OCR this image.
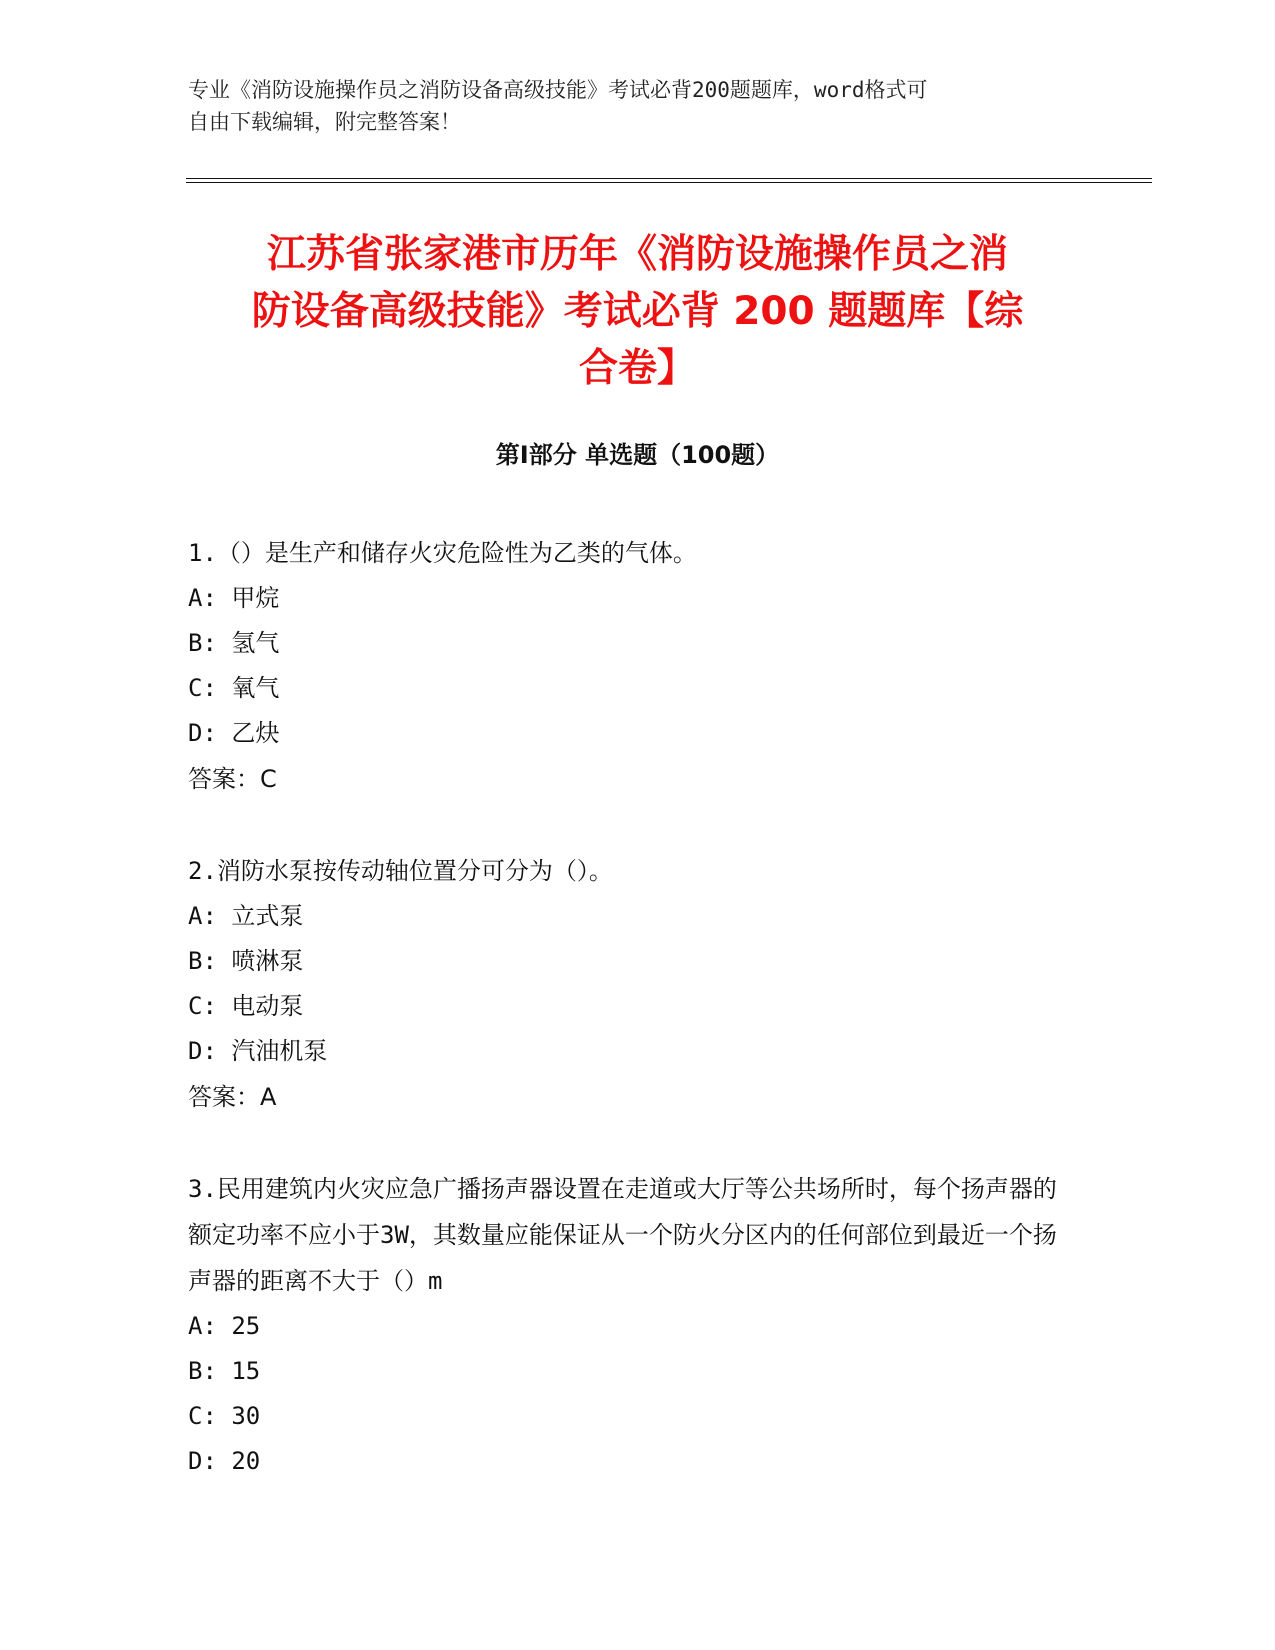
专业《消防设施操作员之消防设备高级技能》考试必背200题题库，word格式可
自由下载编辑，附完整答案！
江苏省张家港市历年《消防设施操作员之消
防设备高级技能》考试必背 200 题题库【综
合卷】
第Ⅰ部分 单选题（100题）

1.（）是生产和储存火灾危险性为乙类的气体。

A: 甲烷

B: 氢气

C: 氧气

D: 乙炔

答案：C

2.消防水泵按传动轴位置分可分为（）。

A: 立式泵

B: 喷淋泵

C: 电动泵

D: 汽油机泵

答案：A

3.民用建筑内火灾应急广播扬声器设置在走道或大厅等公共场所时，每个扬声器的额定功率不应小于3W，其数量应能保证从一个防火分区内的任何部位到最近一个扬声器的距离不大于（）m

A: 25

B: 15

C: 30

D: 20
